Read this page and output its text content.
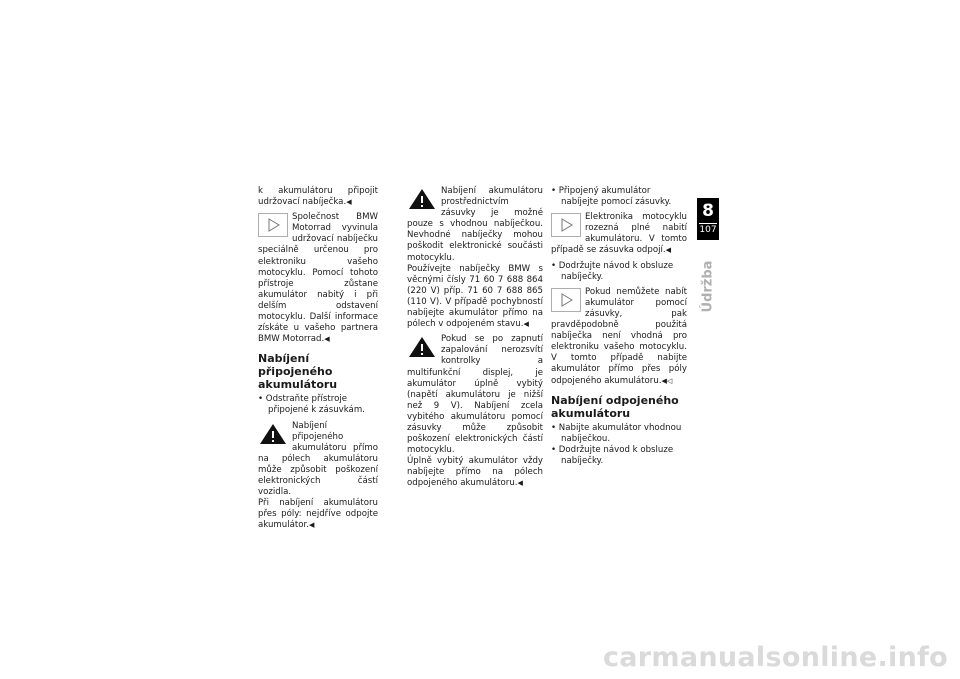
k akumulátoru připojit udržovací nabíječka.◀

Společnost BMW Motorrad vyvinula udržovací nabíječku speciálně určenou pro elektroniku vašeho motocyklu. Pomocí tohoto přístroje zůstane akumulátor nabitý i při delším odstavení motocyklu. Další informace získáte u vašeho partnera BMW Motorrad.◀

Nabíjení připojeného akumulátoru

• Odstraňte přístroje připojené k zásuvkám.

Nabíjení připojeného akumulátoru přímo na pólech akumulátoru může způsobit poškození elektronických částí vozidla.

Při nabíjení akumulátoru přes póly: nejdříve odpojte akumulátor.◀

Nabíjení akumulátoru prostřednictvím zásuvky je možné pouze s vhodnou nabíječkou. Nevhodné nabíječky mohou poškodit elektronické součásti motocyklu.

Používejte nabíječky BMW s věcnými čísly 71 60 7 688 864 (220 V) příp. 71 60 7 688 865 (110 V). V případě pochybností nabíjejte akumulátor přímo na pólech v odpojeném stavu.◀

Pokud se po zapnutí zapalování nerozsvítí kontrolky a multifunkční displej, je akumulátor úplně vybitý (napětí akumulátoru je nižší než 9 V). Nabíjení zcela vybitého akumulátoru pomocí zásuvky může způsobit poškození elektronických částí motocyklu.

Úplně vybitý akumulátor vždy nabíjejte přímo na pólech odpojeného akumulátoru.◀

• Připojený akumulátor nabíjejte pomocí zásuvky.

Elektronika motocyklu rozezná plné nabití akumulátoru. V tomto případě se zásuvka odpojí.◀

• Dodržujte návod k obsluze nabíječky.

Pokud nemůžete nabít akumulátor pomocí zásuvky, pak pravděpodobně použitá nabíječka není vhodná pro elektroniku vašeho motocyklu. V tomto případě nabijte akumulátor přímo přes póly odpojeného akumulátoru.◀◁

Nabíjení odpojeného akumulátoru

• Nabijte akumulátor vhodnou nabíječkou.

• Dodržujte návod k obsluze nabíječky.

8
107
Údržba
carmanualsonline.info
